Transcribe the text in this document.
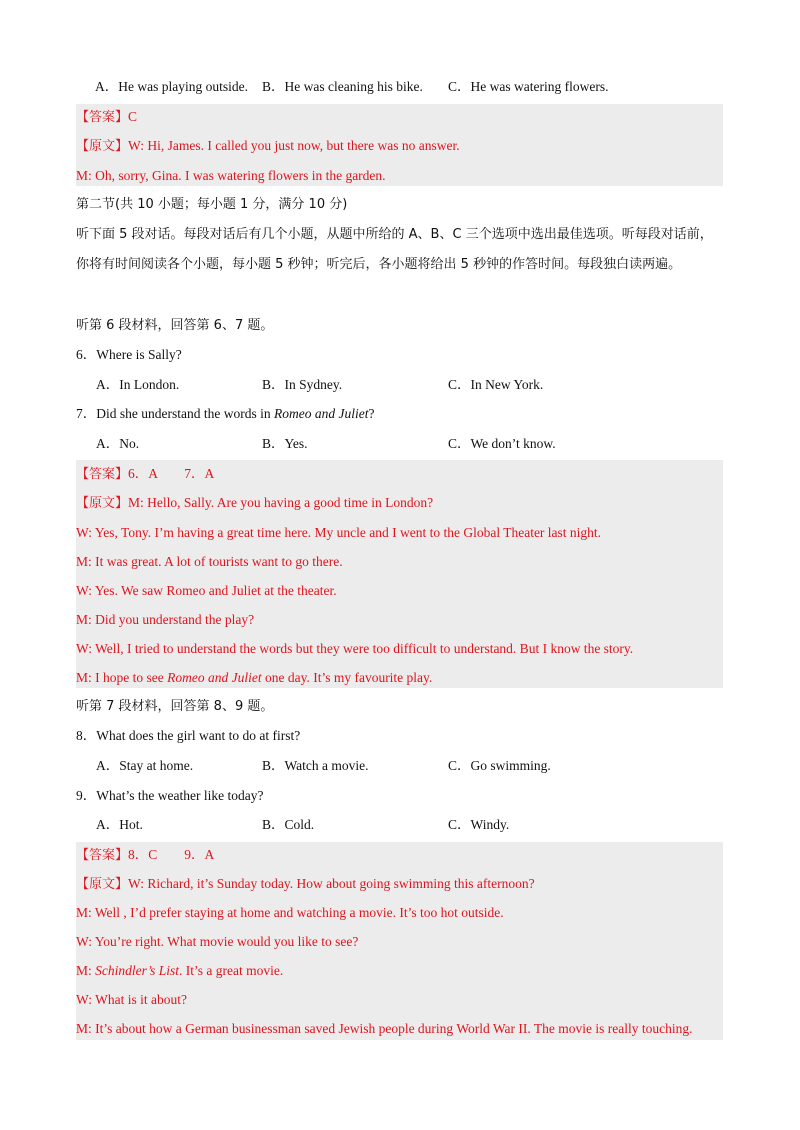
A．He was playing outside. B．He was cleaning his bike. C．He was watering flowers.
【答案】C
【原文】W: Hi, James. I called you just now, but there was no answer.
M: Oh, sorry, Gina. I was watering flowers in the garden.
第二节(共 10 小题；每小题 1 分，满分 10 分)
听下面 5 段对话。每段对话后有几个小题，从题中所给的 A、B、C 三个选项中选出最佳选项。听每段对话前，你将有时间阅读各个小题，每小题 5 秒钟；听完后，各小题将给出 5 秒钟的作答时间。每段独白读两遍。
听第 6 段材料，回答第 6、7 题。
6．Where is Sally?
A．In London.	B．In Sydney.	C．In New York.
7．Did she understand the words in Romeo and Juliet?
A．No.	B．Yes.	C．We don’t know.
【答案】6．A　　7．A
【原文】M: Hello, Sally. Are you having a good time in London?
W: Yes, Tony. I’m having a great time here. My uncle and I went to the Global Theater last night.
M: It was great. A lot of tourists want to go there.
W: Yes. We saw Romeo and Juliet at the theater.
M: Did you understand the play?
W: Well, I tried to understand the words but they were too difficult to understand. But I know the story.
M: I hope to see Romeo and Juliet one day. It’s my favourite play.
听第 7 段材料，回答第 8、9 题。
8．What does the girl want to do at first?
A．Stay at home.	B．Watch a movie.	C．Go swimming.
9．What’s the weather like today?
A．Hot.	B．Cold.	C．Windy.
【答案】8．C　　9．A
【原文】W: Richard, it’s Sunday today. How about going swimming this afternoon?
M: Well , I’d prefer staying at home and watching a movie. It’s too hot outside.
W: You’re right. What movie would you like to see?
M: Schindler’s List. It’s a great movie.
W: What is it about?
M: It’s about how a German businessman saved Jewish people during World War II. The movie is really touching.
